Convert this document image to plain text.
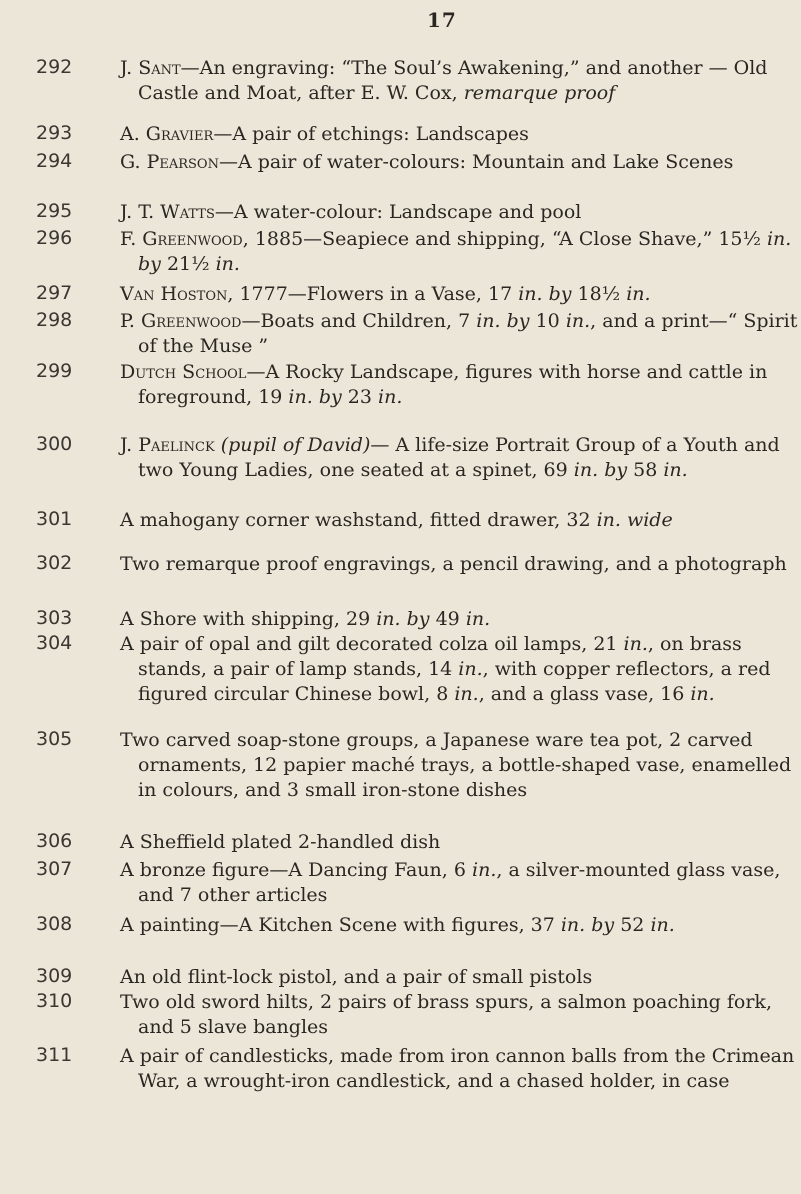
17
292	J. Sant—An engraving: “The Soul’s Awakening,” and another — Old Castle and Moat, after E. W. Cox, remarque proof
293	A. Gravier—A pair of etchings: Landscapes
294	G. Pearson—A pair of water-colours: Mountain and Lake Scenes
295	J. T. Watts—A water-colour: Landscape and pool
296	F. Greenwood, 1885—Seapiece and shipping, “A Close Shave,” 15½ in. by 21½ in.
297	Van Hoston, 1777—Flowers in a Vase, 17 in. by 18½ in.
298	P. Greenwood—Boats and Children, 7 in. by 10 in., and a print—“ Spirit of the Muse ”
299	Dutch School—A Rocky Landscape, figures with horse and cattle in foreground, 19 in. by 23 in.
300	J. Paelinck (pupil of David)— A life-size Portrait Group of a Youth and two Young Ladies, one seated at a spinet, 69 in. by 58 in.
301	A mahogany corner washstand, fitted drawer, 32 in. wide
302	Two remarque proof engravings, a pencil drawing, and a photograph
303	A Shore with shipping, 29 in. by 49 in.
304	A pair of opal and gilt decorated colza oil lamps, 21 in., on brass stands, a pair of lamp stands, 14 in., with copper reflectors, a red figured circular Chinese bowl, 8 in., and a glass vase, 16 in.
305	Two carved soap-stone groups, a Japanese ware tea pot, 2 carved ornaments, 12 papier maché trays, a bottle-shaped vase, enamelled in colours, and 3 small iron-stone dishes
306	A Sheffield plated 2-handled dish
307	A bronze figure—A Dancing Faun, 6 in., a silver-mounted glass vase, and 7 other articles
308	A painting—A Kitchen Scene with figures, 37 in. by 52 in.
309	An old flint-lock pistol, and a pair of small pistols
310	Two old sword hilts, 2 pairs of brass spurs, a salmon poaching fork, and 5 slave bangles
311	A pair of candlesticks, made from iron cannon balls from the Crimean War, a wrought-iron candlestick, and a chased holder, in case
